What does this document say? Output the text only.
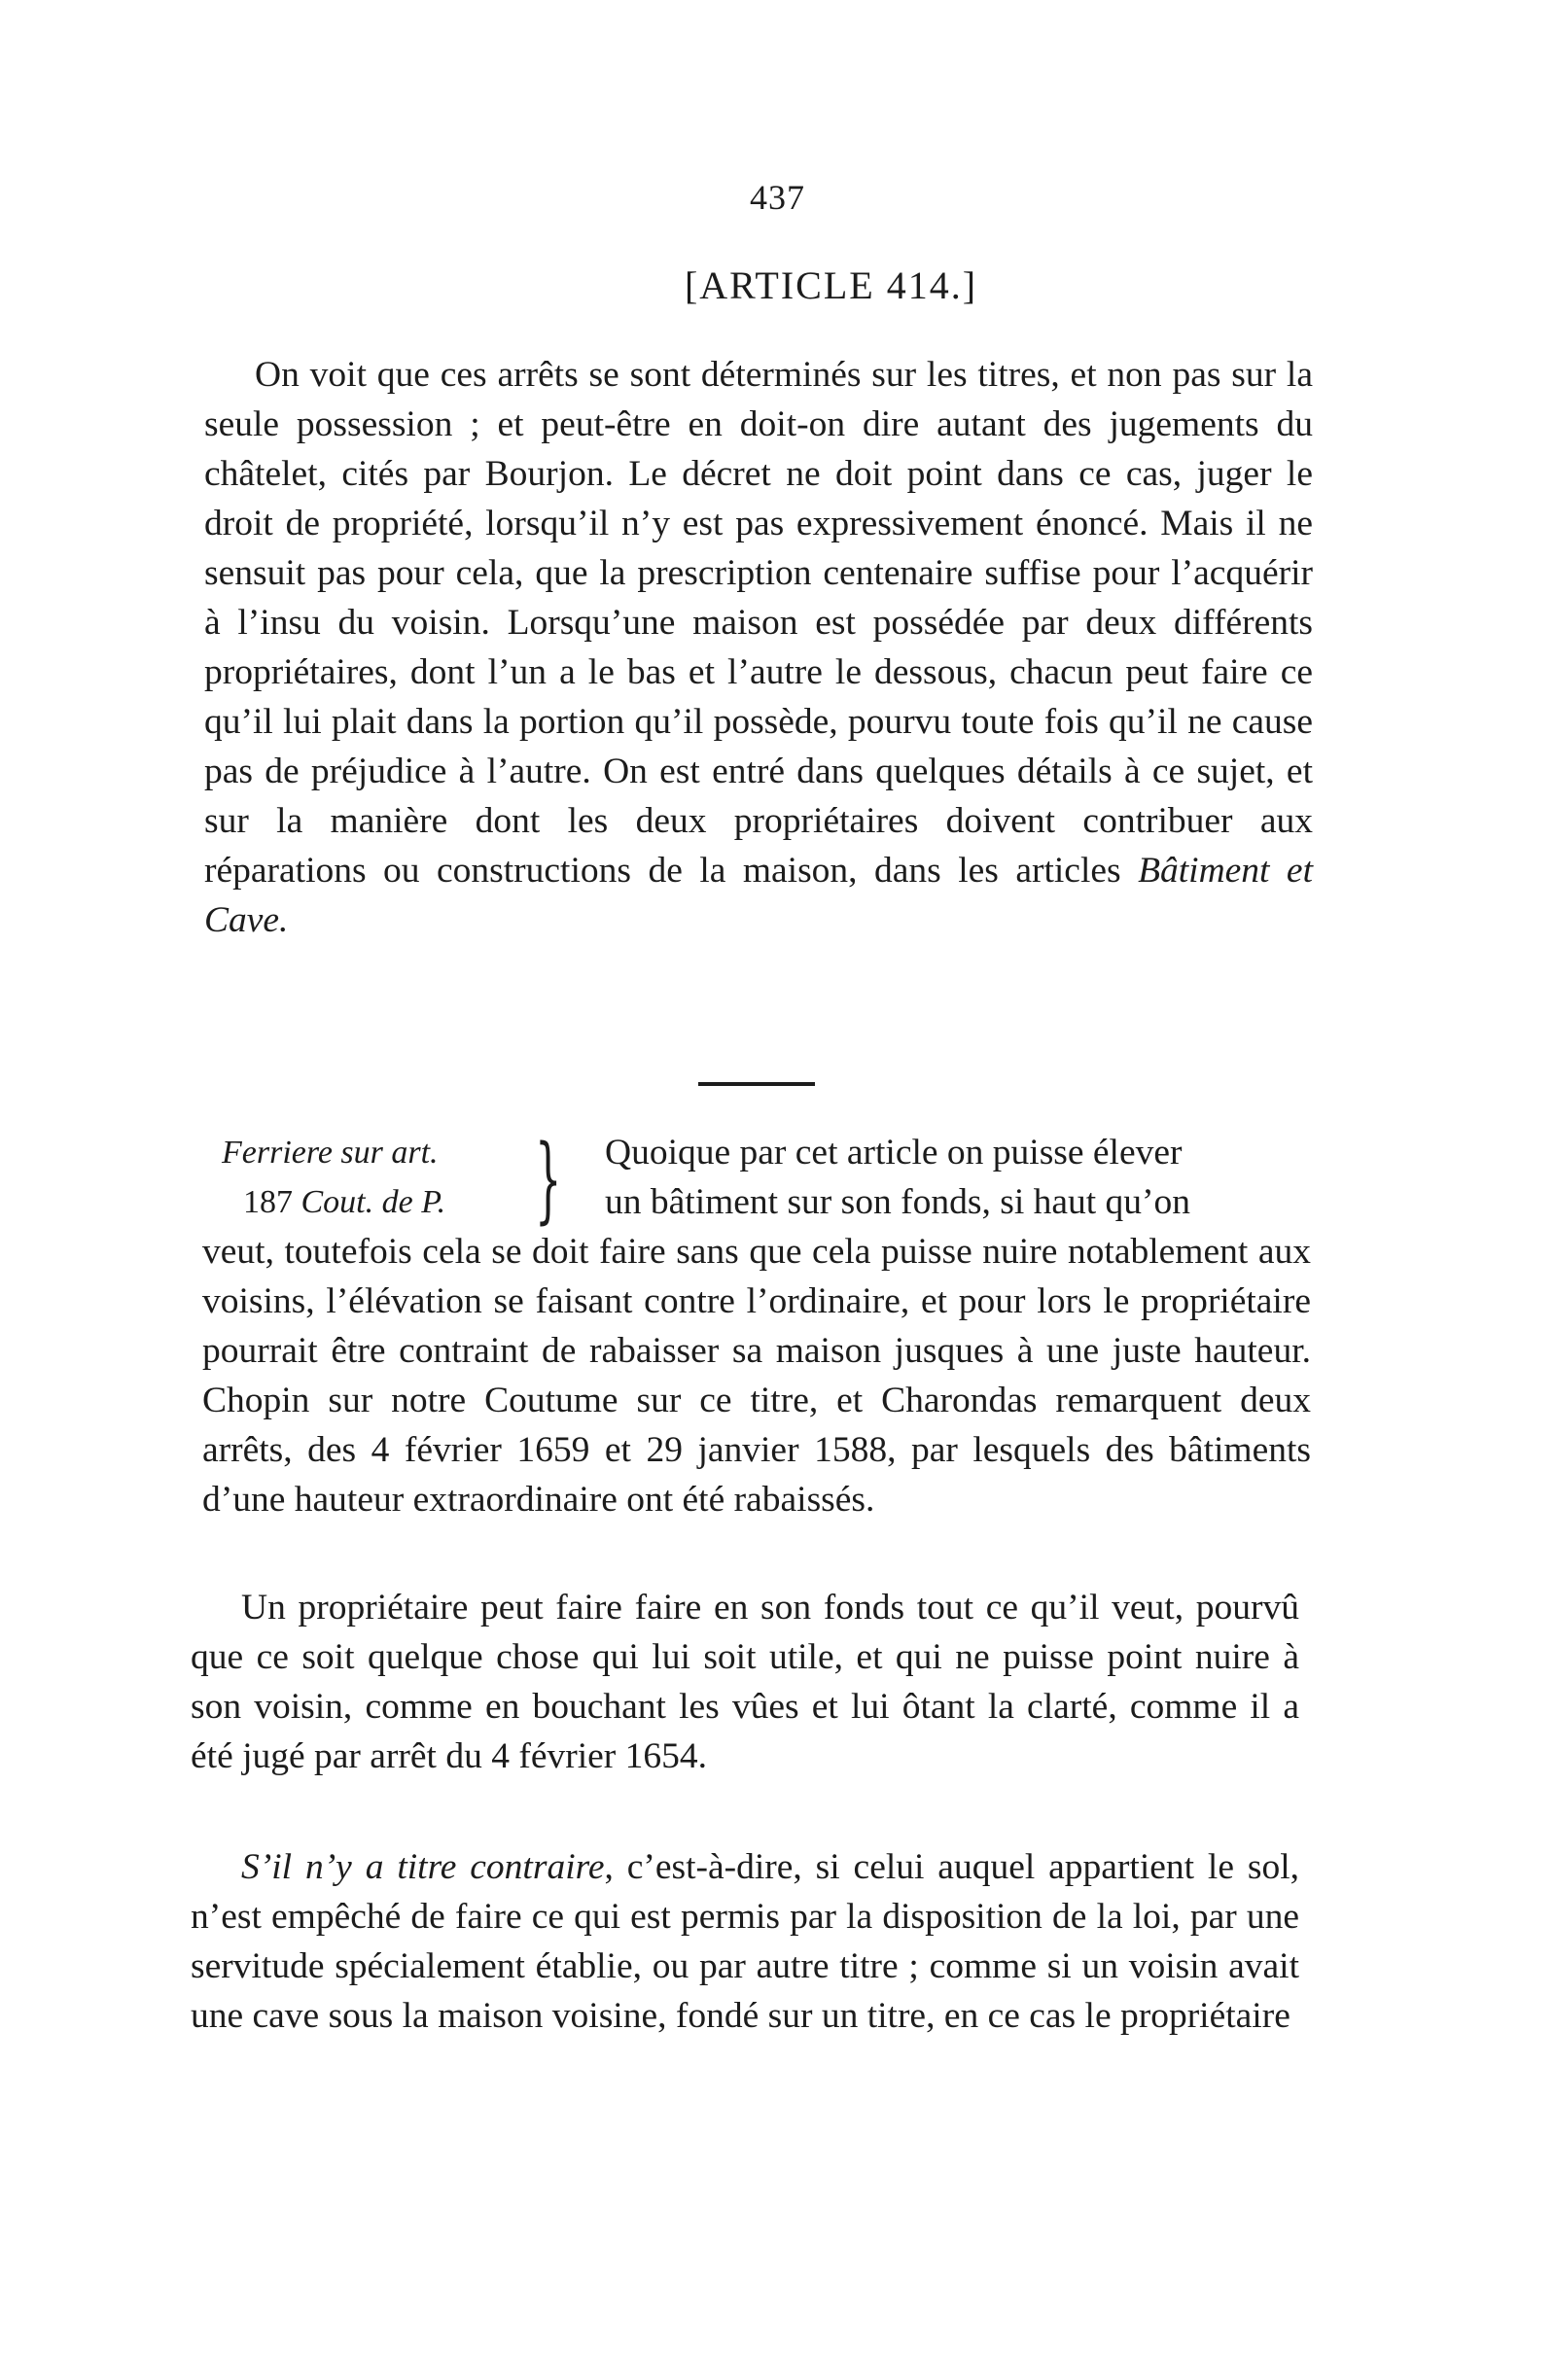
437
[ARTICLE 414.]

On voit que ces arrêts se sont déterminés sur les titres, et non pas sur la seule possession ; et peut-être en doit-on dire autant des jugements du châtelet, cités par Bourjon. Le décret ne doit point dans ce cas, juger le droit de propriété, lorsqu’il n’y est pas expressivement énoncé. Mais il ne sensuit pas pour cela, que la prescription centenaire suffise pour l’acquérir à l’insu du voisin. Lorsqu’une maison est possédée par deux différents propriétaires, dont l’un a le bas et l’autre le dessous, chacun peut faire ce qu’il lui plait dans la portion qu’il possède, pourvu toute fois qu’il ne cause pas de préjudice à l’autre. On est entré dans quelques détails à ce sujet, et sur la manière dont les deux propriétaires doivent contribuer aux réparations ou constructions de la maison, dans les articles Bâtiment et Cave.

Ferriere sur art.
187 Cout. de P. } Quoique par cet article on puisse élever
un bâtiment sur son fonds, si haut qu’on

veut, toutefois cela se doit faire sans que cela puisse nuire notablement aux voisins, l’élévation se faisant contre l’ordinaire, et pour lors le propriétaire pourrait être contraint de rabaisser sa maison jusques à une juste hauteur. Chopin sur notre Coutume sur ce titre, et Charondas remarquent deux arrêts, des 4 février 1659 et 29 janvier 1588, par lesquels des bâtiments d’une hauteur extraordinaire ont été rabaissés.

Un propriétaire peut faire faire en son fonds tout ce qu’il veut, pourvû que ce soit quelque chose qui lui soit utile, et qui ne puisse point nuire à son voisin, comme en bouchant les vûes et lui ôtant la clarté, comme il a été jugé par arrêt du 4 février 1654.

S’il n’y a titre contraire, c’est-à-dire, si celui auquel appartient le sol, n’est empêché de faire ce qui est permis par la disposition de la loi, par une servitude spécialement établie, ou par autre titre ; comme si un voisin avait une cave sous la maison voisine, fondé sur un titre, en ce cas le propriétaire
